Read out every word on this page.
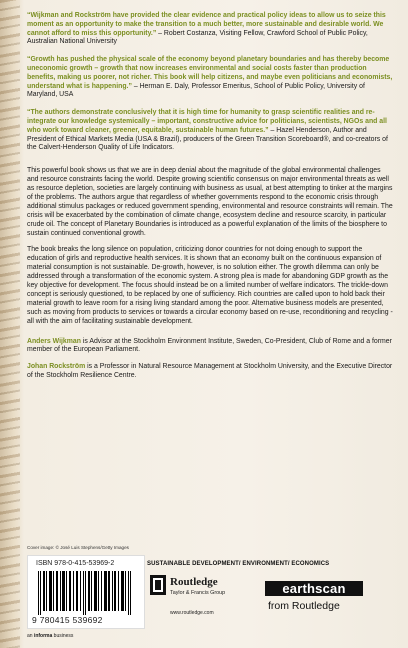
“Wijkman and Rockström have provided the clear evidence and practical policy ideas to allow us to seize this moment as an opportunity to make the transition to a much better, more sustainable and desirable world. We cannot afford to miss this opportunity.” – Robert Costanza, Visiting Fellow, Crawford School of Public Policy, Australian National University

“Growth has pushed the physical scale of the economy beyond planetary boundaries and has thereby become uneconomic growth – growth that now increases environmental and social costs faster than production benefits, making us poorer, not richer. This book will help citizens, and maybe even politicians and economists, understand what is happening.” – Herman E. Daly, Professor Emeritus, School of Public Policy, University of Maryland, USA

“The authors demonstrate conclusively that it is high time for humanity to grasp scientific realities and re-integrate our knowledge systemically – important, constructive advice for politicians, scientists, NGOs and all who work toward cleaner, greener, equitable, sustainable human futures.” – Hazel Henderson, Author and President of Ethical Markets Media (USA & Brazil), producers of the Green Transition Scoreboard®, and co-creators of the Calvert-Henderson Quality of Life Indicators.

This powerful book shows us that we are in deep denial about the magnitude of the global environmental challenges and resource constraints facing the world. Despite growing scientific consensus on major environmental threats as well as resource depletion, societies are largely continuing with business as usual, at best attempting to tinker at the margins of the problems. The authors argue that regardless of whether governments respond to the economic crisis through additional stimulus packages or reduced government spending, environmental and resource constraints will remain. The crisis will be exacerbated by the combination of climate change, ecosystem decline and resource scarcity, in particular crude oil. The concept of Planetary Boundaries is introduced as a powerful explanation of the limits of the biosphere to sustain continued conventional growth.

The book breaks the long silence on population, criticizing donor countries for not doing enough to support the education of girls and reproductive health services. It is shown that an economy built on the continuous expansion of material consumption is not sustainable. De-growth, however, is no solution either. The growth dilemma can only be addressed through a transformation of the economic system. A strong plea is made for abandoning GDP growth as the key objective for development. The focus should instead be on a limited number of welfare indicators. The trickle-down concept is seriously questioned, to be replaced by one of sufficiency. Rich countries are called upon to hold back their material growth to leave room for a rising living standard among the poor. Alternative business models are presented, such as moving from products to services or towards a circular economy based on re-use, reconditioning and recycling - all with the aim of facilitating sustainable development.

Anders Wijkman is Advisor at the Stockholm Environment Institute, Sweden, Co-President, Club of Rome and a former member of the European Parliament.

Johan Rockström is a Professor in Natural Resource Management at Stockholm University, and the Executive Director of the Stockholm Resilience Centre.

Cover image: © José Luis Stephens/Getty Images
ISBN 978-0-415-53969-2
9 780415 539692
an informa business
SUSTAINABLE DEVELOPMENT/ ENVIRONMENT/ ECONOMICS
Routledge
Taylor & Francis Group
www.routledge.com
earthscan
from Routledge
